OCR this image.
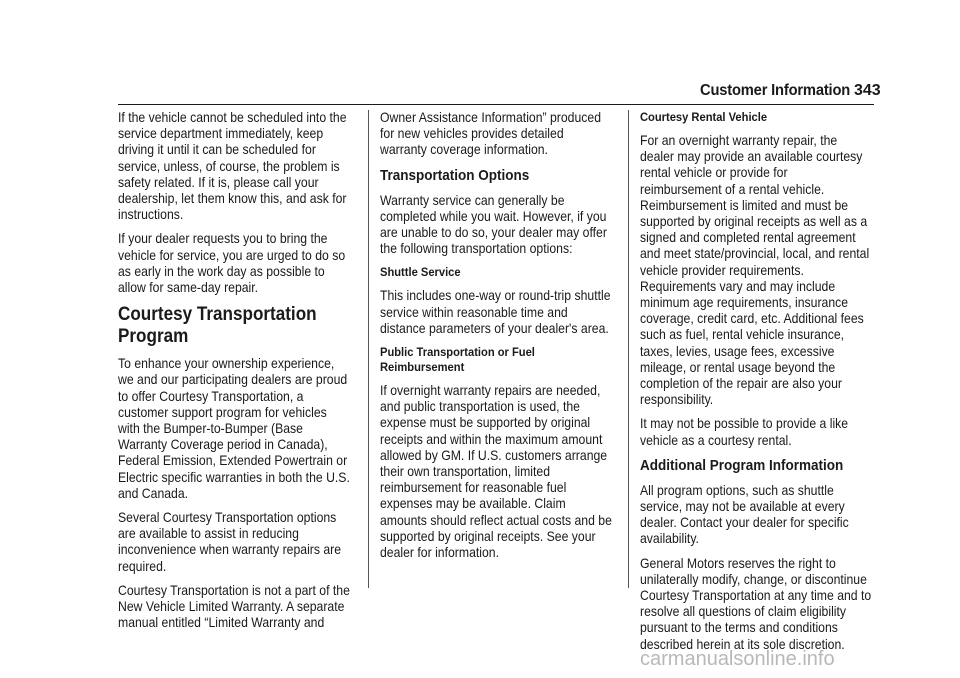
Customer Information 343

If the vehicle cannot be scheduled into the service department immediately, keep driving it until it can be scheduled for service, unless, of course, the problem is safety related. If it is, please call your dealership, let them know this, and ask for instructions.

If your dealer requests you to bring the vehicle for service, you are urged to do so as early in the work day as possible to allow for same-day repair.

Courtesy Transportation Program

To enhance your ownership experience, we and our participating dealers are proud to offer Courtesy Transportation, a customer support program for vehicles with the Bumper-to-Bumper (Base Warranty Coverage period in Canada), Federal Emission, Extended Powertrain or Electric specific warranties in both the U.S. and Canada.

Several Courtesy Transportation options are available to assist in reducing inconvenience when warranty repairs are required.

Courtesy Transportation is not a part of the New Vehicle Limited Warranty. A separate manual entitled “Limited Warranty and

Owner Assistance Information” produced for new vehicles provides detailed warranty coverage information.

Transportation Options

Warranty service can generally be completed while you wait. However, if you are unable to do so, your dealer may offer the following transportation options:

Shuttle Service

This includes one-way or round-trip shuttle service within reasonable time and distance parameters of your dealer's area.

Public Transportation or Fuel Reimbursement

If overnight warranty repairs are needed, and public transportation is used, the expense must be supported by original receipts and within the maximum amount allowed by GM. If U.S. customers arrange their own transportation, limited reimbursement for reasonable fuel expenses may be available. Claim amounts should reflect actual costs and be supported by original receipts. See your dealer for information.

Courtesy Rental Vehicle

For an overnight warranty repair, the dealer may provide an available courtesy rental vehicle or provide for reimbursement of a rental vehicle. Reimbursement is limited and must be supported by original receipts as well as a signed and completed rental agreement and meet state/provincial, local, and rental vehicle provider requirements. Requirements vary and may include minimum age requirements, insurance coverage, credit card, etc. Additional fees such as fuel, rental vehicle insurance, taxes, levies, usage fees, excessive mileage, or rental usage beyond the completion of the repair are also your responsibility.

It may not be possible to provide a like vehicle as a courtesy rental.

Additional Program Information

All program options, such as shuttle service, may not be available at every dealer. Contact your dealer for specific availability.

General Motors reserves the right to unilaterally modify, change, or discontinue Courtesy Transportation at any time and to resolve all questions of claim eligibility pursuant to the terms and conditions described herein at its sole discretion.

carmanualsonline.info
